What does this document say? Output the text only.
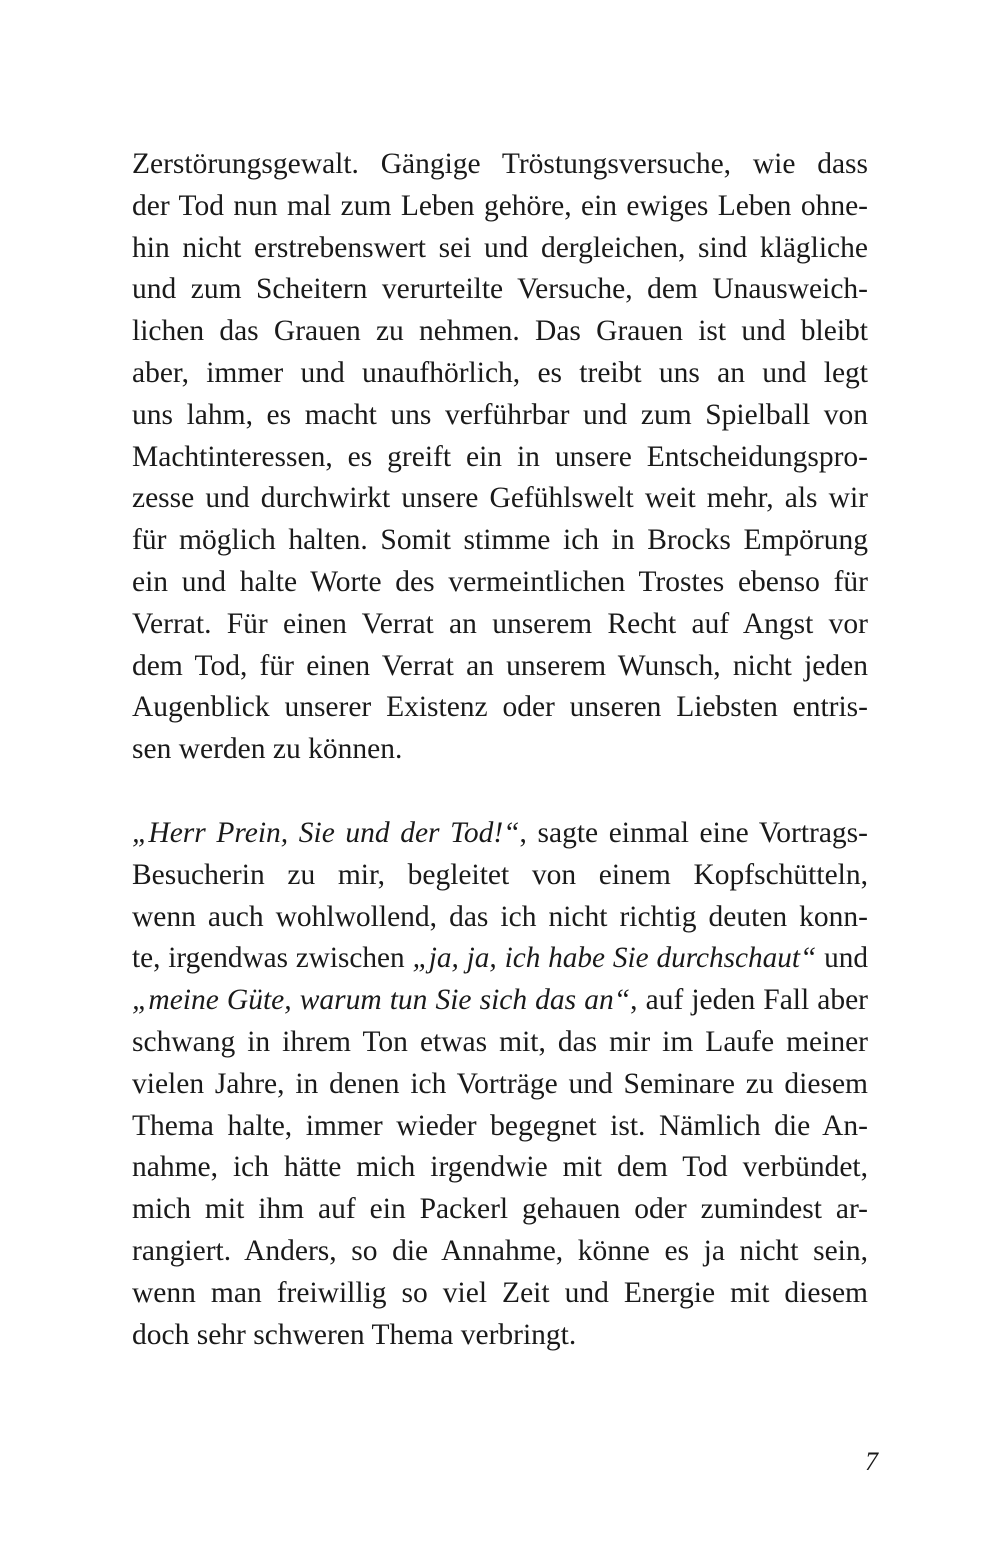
Zerstörungsgewalt. Gängige Tröstungsversuche, wie dass
der Tod nun mal zum Leben gehöre, ein ewiges Leben ohne-
hin nicht erstrebenswert sei und dergleichen, sind klägliche
und zum Scheitern verurteilte Versuche, dem Unausweich-
lichen das Grauen zu nehmen. Das Grauen ist und bleibt
aber, immer und unaufhörlich, es treibt uns an und legt
uns lahm, es macht uns verführbar und zum Spielball von
Machtinteressen, es greift ein in unsere Entscheidungspro-
zesse und durchwirkt unsere Gefühlswelt weit mehr, als wir
für möglich halten. Somit stimme ich in Brocks Empörung
ein und halte Worte des vermeintlichen Trostes ebenso für
Verrat. Für einen Verrat an unserem Recht auf Angst vor
dem Tod, für einen Verrat an unserem Wunsch, nicht jeden
Augenblick unserer Existenz oder unseren Liebsten entris-
sen werden zu können.
„Herr Prein, Sie und der Tod!“, sagte einmal eine Vortrags-
Besucherin zu mir, begleitet von einem Kopfschütteln,
wenn auch wohlwollend, das ich nicht richtig deuten konn-
te, irgendwas zwischen „ja, ja, ich habe Sie durchschaut“ und
„meine Güte, warum tun Sie sich das an“, auf jeden Fall aber
schwang in ihrem Ton etwas mit, das mir im Laufe meiner
vielen Jahre, in denen ich Vorträge und Seminare zu diesem
Thema halte, immer wieder begegnet ist. Nämlich die An-
nahme, ich hätte mich irgendwie mit dem Tod verbündet,
mich mit ihm auf ein Packerl gehauen oder zumindest ar-
rangiert. Anders, so die Annahme, könne es ja nicht sein,
wenn man freiwillig so viel Zeit und Energie mit diesem
doch sehr schweren Thema verbringt.
7
